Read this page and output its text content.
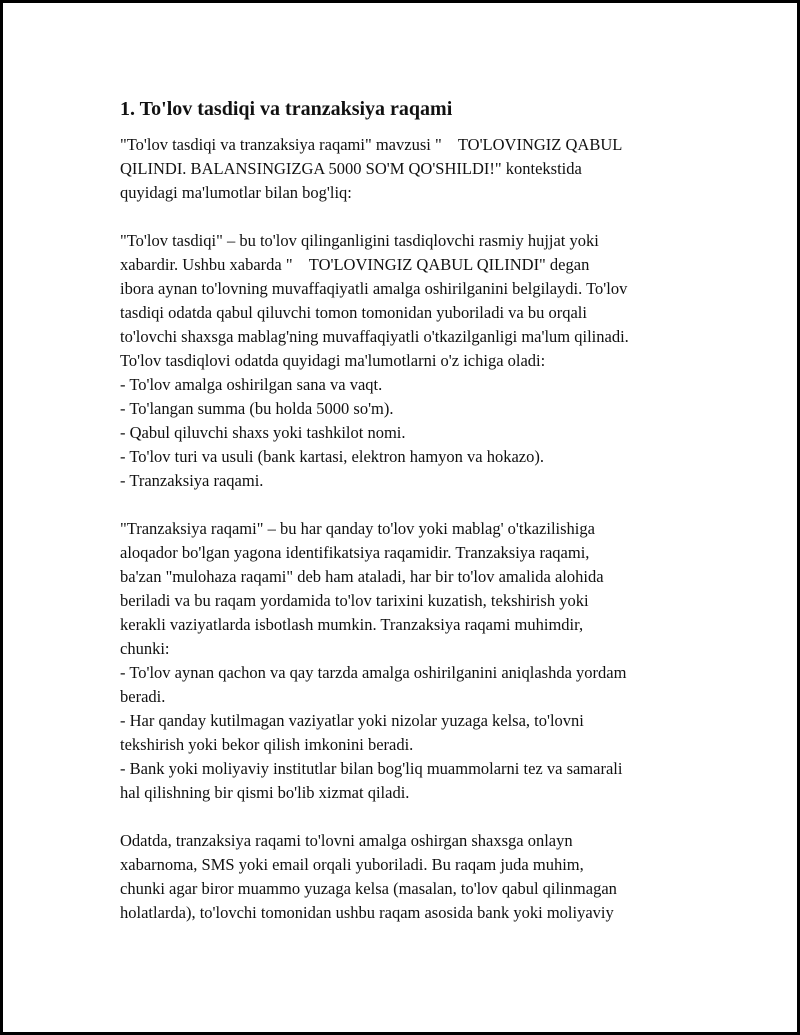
1. To'lov tasdiqi va tranzaksiya raqami
"To'lov tasdiqi va tranzaksiya raqami" mavzusi "    TO'LOVINGIZ QABUL
QILINDI. BALANSINGIZGA 5000 SO'M QO'SHILDI!" kontekstida
quyidagi ma'lumotlar bilan bog'liq:
"To'lov tasdiqi" – bu to'lov qilinganligini tasdiqlovchi rasmiy hujjat yoki
xabardir. Ushbu xabarda "    TO'LOVINGIZ QABUL QILINDI" degan
ibora aynan to'lovning muvaffaqiyatli amalga oshirilganini belgilaydi. To'lov
tasdiqi odatda qabul qiluvchi tomon tomonidan yuboriladi va bu orqali
to'lovchi shaxsga mablag'ning muvaffaqiyatli o'tkazilganligi ma'lum qilinadi.
To'lov tasdiqlovi odatda quyidagi ma'lumotlarni o'z ichiga oladi:
- To'lov amalga oshirilgan sana va vaqt.
- To'langan summa (bu holda 5000 so'm).
- Qabul qiluvchi shaxs yoki tashkilot nomi.
- To'lov turi va usuli (bank kartasi, elektron hamyon va hokazo).
- Tranzaksiya raqami.
"Tranzaksiya raqami" – bu har qanday to'lov yoki mablag' o'tkazilishiga
aloqador bo'lgan yagona identifikatsiya raqamidir. Tranzaksiya raqami,
ba'zan "mulohaza raqami" deb ham ataladi, har bir to'lov amalida alohida
beriladi va bu raqam yordamida to'lov tarixini kuzatish, tekshirish yoki
kerakli vaziyatlarda isbotlash mumkin. Tranzaksiya raqami muhimdir,
chunki:
- To'lov aynan qachon va qay tarzda amalga oshirilganini aniqlashda yordam
beradi.
- Har qanday kutilmagan vaziyatlar yoki nizolar yuzaga kelsa, to'lovni
tekshirish yoki bekor qilish imkonini beradi.
- Bank yoki moliyaviy institutlar bilan bog'liq muammolarni tez va samarali
hal qilishning bir qismi bo'lib xizmat qiladi.
Odatda, tranzaksiya raqami to'lovni amalga oshirgan shaxsga onlayn
xabarnoma, SMS yoki email orqali yuboriladi. Bu raqam juda muhim,
chunki agar biror muammo yuzaga kelsa (masalan, to'lov qabul qilinmagan
holatlarda), to'lovchi tomonidan ushbu raqam asosida bank yoki moliyaviy
